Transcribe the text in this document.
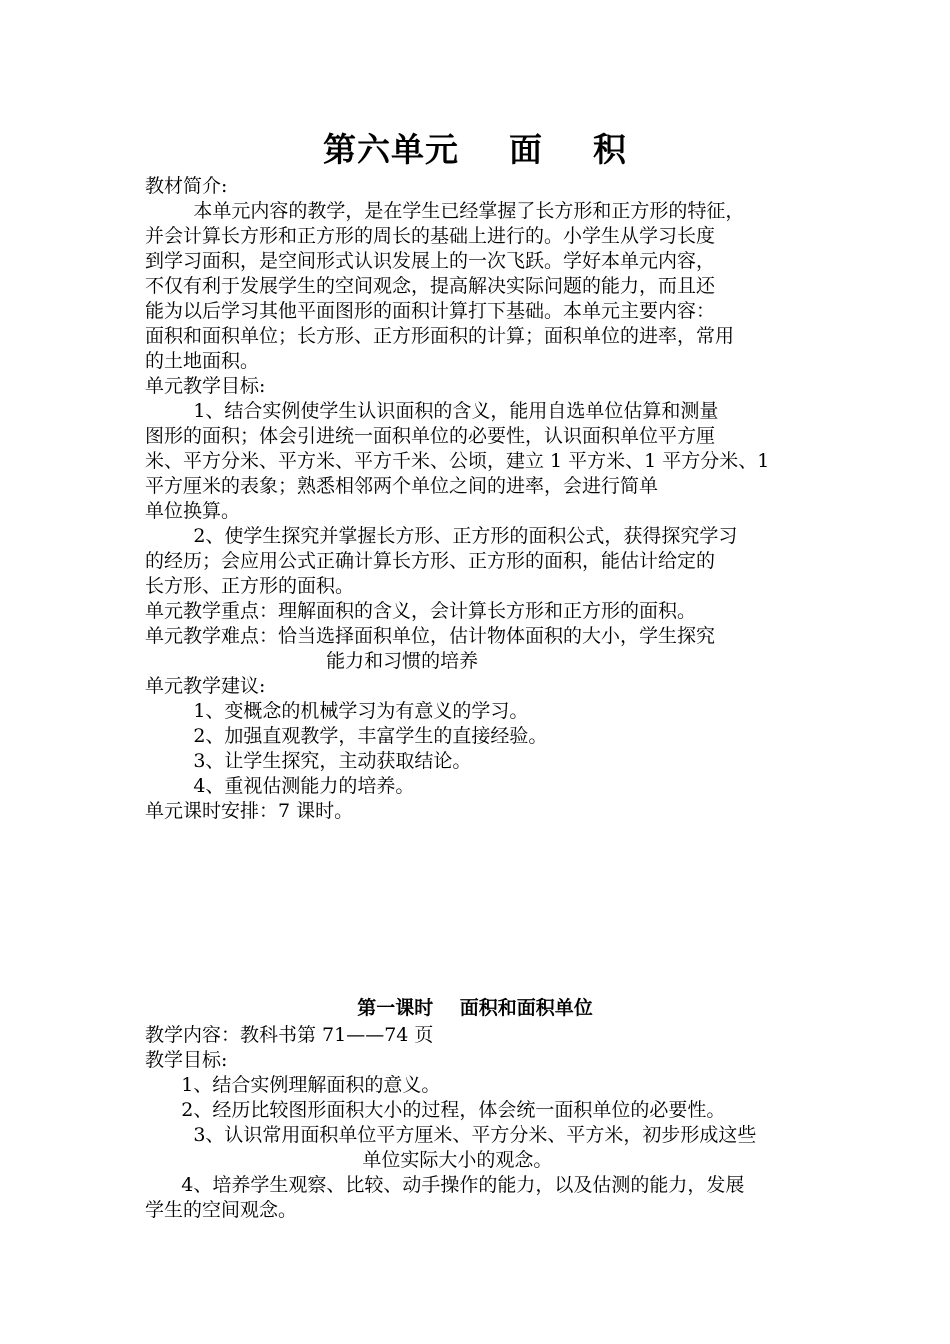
第六单元    面    积
教材简介:
本单元内容的教学，是在学生已经掌握了长方形和正方形的特征，
并会计算长方形和正方形的周长的基础上进行的。小学生从学习长度
到学习面积，是空间形式认识发展上的一次飞跃。学好本单元内容，
不仅有利于发展学生的空间观念，提高解决实际问题的能力，而且还
能为以后学习其他平面图形的面积计算打下基础。本单元主要内容：
面积和面积单位；长方形、正方形面积的计算；面积单位的进率，常用
的土地面积。
单元教学目标:
1、结合实例使学生认识面积的含义，能用自选单位估算和测量
图形的面积；体会引进统一面积单位的必要性，认识面积单位平方厘
米、平方分米、平方米、平方千米、公顷，建立 1 平方米、1 平方分米、1
平方厘米的表象；熟悉相邻两个单位之间的进率，会进行简单
单位换算。
2、使学生探究并掌握长方形、正方形的面积公式，获得探究学习
的经历；会应用公式正确计算长方形、正方形的面积，能估计给定的
长方形、正方形的面积。
单元教学重点：理解面积的含义，会计算长方形和正方形的面积。
单元教学难点：恰当选择面积单位，估计物体面积的大小，学生探究
能力和习惯的培养
单元教学建议:
1、变概念的机械学习为有意义的学习。
2、加强直观教学，丰富学生的直接经验。
3、让学生探究，主动获取结论。
4、重视估测能力的培养。
单元课时安排：7 课时。
第一课时    面积和面积单位
教学内容：教科书第 71——74 页
教学目标:
1、结合实例理解面积的意义。
2、经历比较图形面积大小的过程，体会统一面积单位的必要性。
3、认识常用面积单位平方厘米、平方分米、平方米，初步形成这些
单位实际大小的观念。
4、培养学生观察、比较、动手操作的能力，以及估测的能力，发展
学生的空间观念。
